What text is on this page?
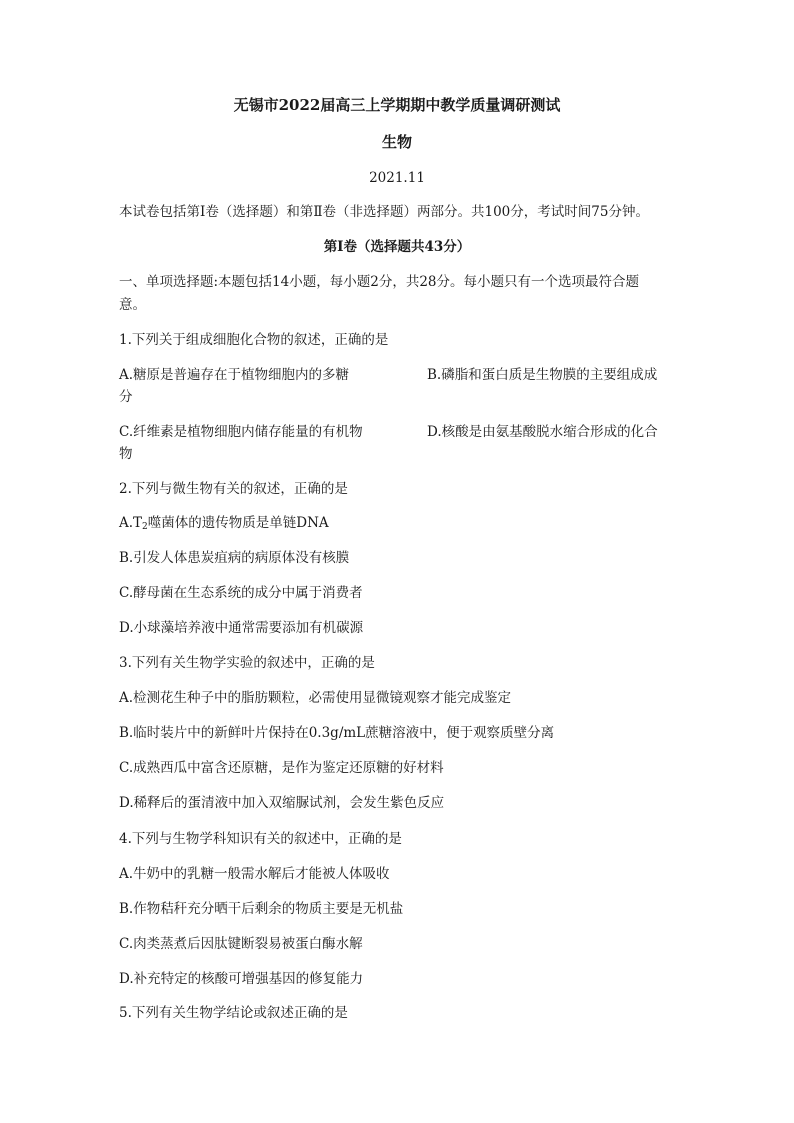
无锡市2022届高三上学期期中教学质量调研测试
生物
2021.11
本试卷包括第Ⅰ卷（选择题）和第Ⅱ卷（非选择题）两部分。共100分，考试时间75分钟。
第Ⅰ卷（选择题共43分）
一、单项选择题:本题包括14小题，每小题2分，共28分。每小题只有一个选项最符合题
意。
1.下列关于组成细胞化合物的叙述，正确的是
A.糖原是普遍存在于植物细胞内的多糖	B.磷脂和蛋白质是生物膜的主要组成成
分
C.纤维素是植物细胞内储存能量的有机物	D.核酸是由氨基酸脱水缩合形成的化合
物
2.下列与微生物有关的叙述，正确的是
$A.T_2$噬菌体的遗传物质是单链DNA
B.引发人体患炭疽病的病原体没有核膜
C.酵母菌在生态系统的成分中属于消费者
D.小球藻培养液中通常需要添加有机碳源
3.下列有关生物学实验的叙述中，正确的是
A.检测花生种子中的脂肪颗粒，必需使用显微镜观察才能完成鉴定
B.临时装片中的新鲜叶片保持在0.3g/mL蔗糖溶液中，便于观察质壁分离
C.成熟西瓜中富含还原糖，是作为鉴定还原糖的好材料
D.稀释后的蛋清液中加入双缩脲试剂，会发生紫色反应
4.下列与生物学科知识有关的叙述中，正确的是
A.牛奶中的乳糖一般需水解后才能被人体吸收
B.作物秸秆充分晒干后剩余的物质主要是无机盐
C.肉类蒸煮后因肽键断裂易被蛋白酶水解
D.补充特定的核酸可增强基因的修复能力
5.下列有关生物学结论或叙述正确的是
